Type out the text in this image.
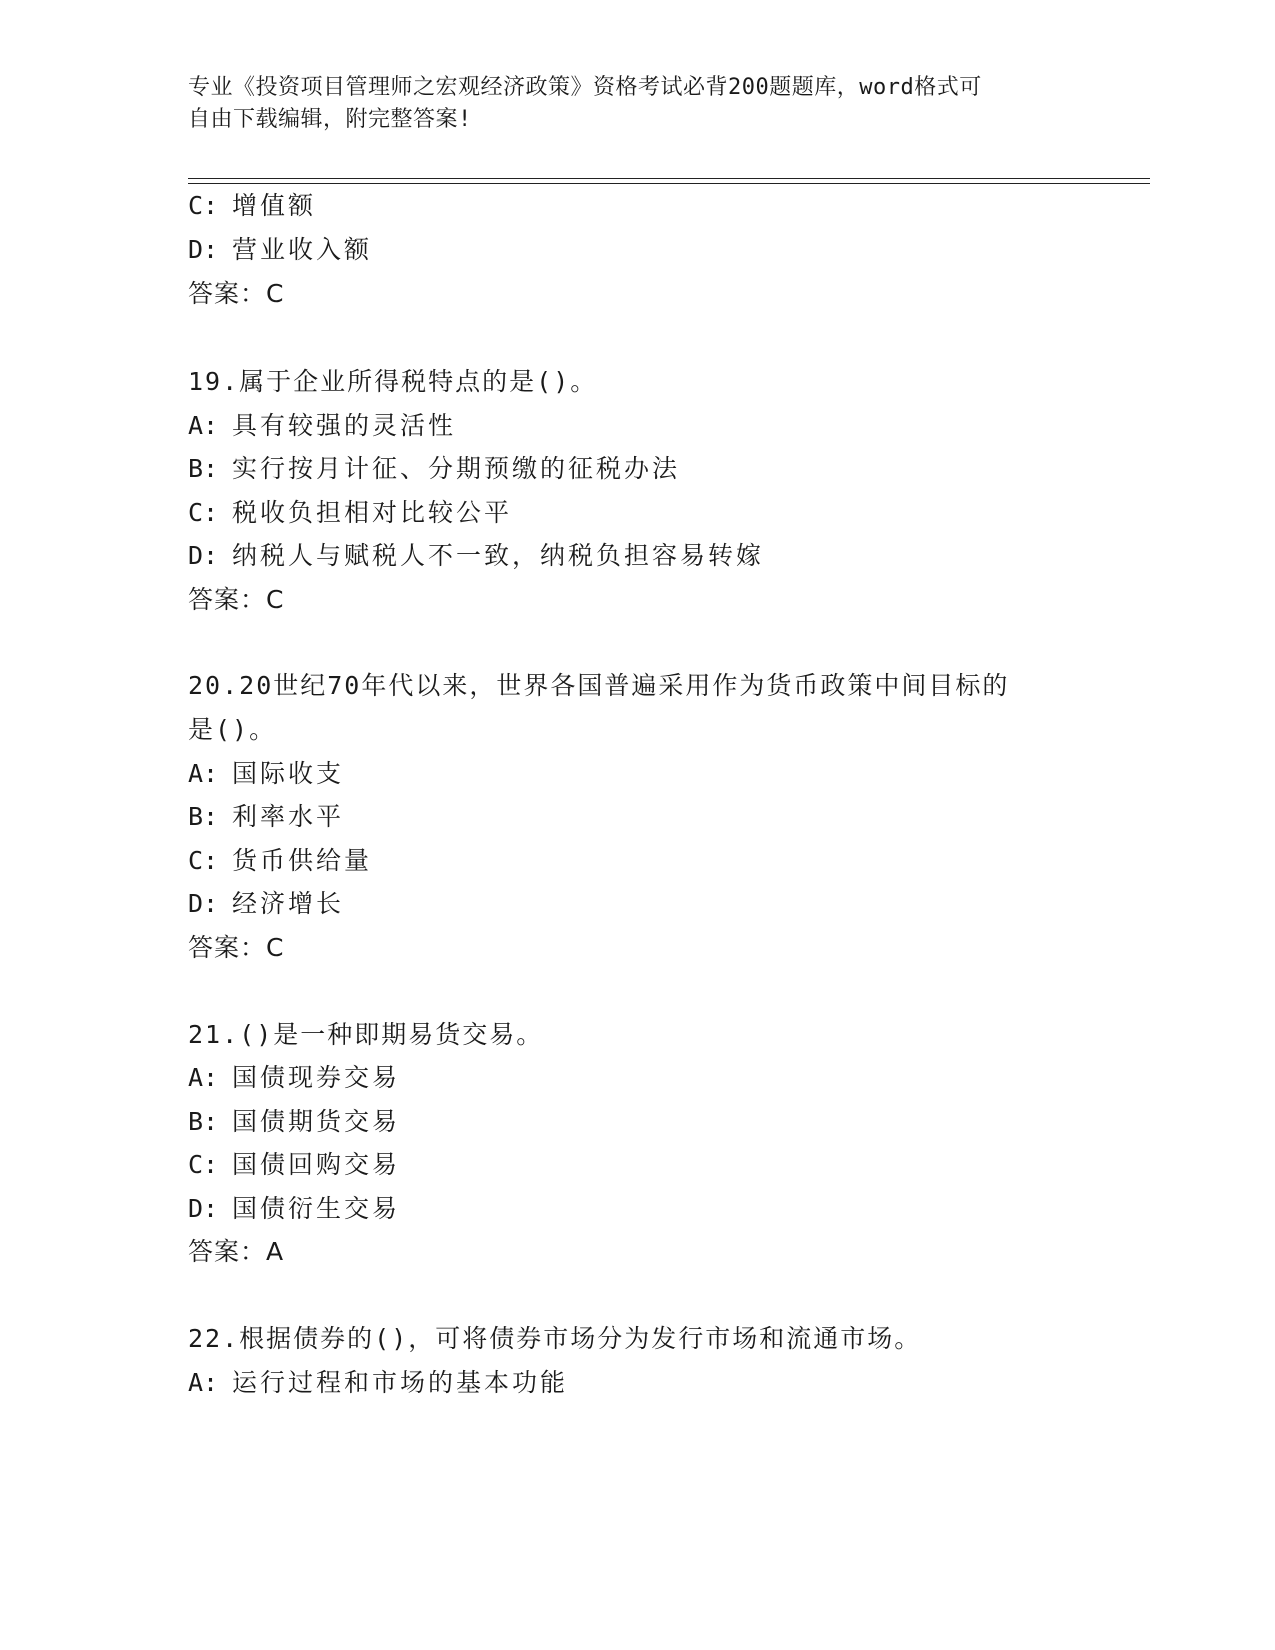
专业《投资项目管理师之宏观经济政策》资格考试必背200题题库，word格式可
自由下载编辑，附完整答案!
C: 增值额
D: 营业收入额
答案：C
19.属于企业所得税特点的是()。
A: 具有较强的灵活性
B: 实行按月计征、分期预缴的征税办法
C: 税收负担相对比较公平
D: 纳税人与赋税人不一致，纳税负担容易转嫁
答案：C
20.20世纪70年代以来，世界各国普遍采用作为货币政策中间目标的
是()。
A: 国际收支
B: 利率水平
C: 货币供给量
D: 经济增长
答案：C
21.()是一种即期易货交易。
A: 国债现券交易
B: 国债期货交易
C: 国债回购交易
D: 国债衍生交易
答案：A
22.根据债券的()，可将债券市场分为发行市场和流通市场。
A: 运行过程和市场的基本功能
